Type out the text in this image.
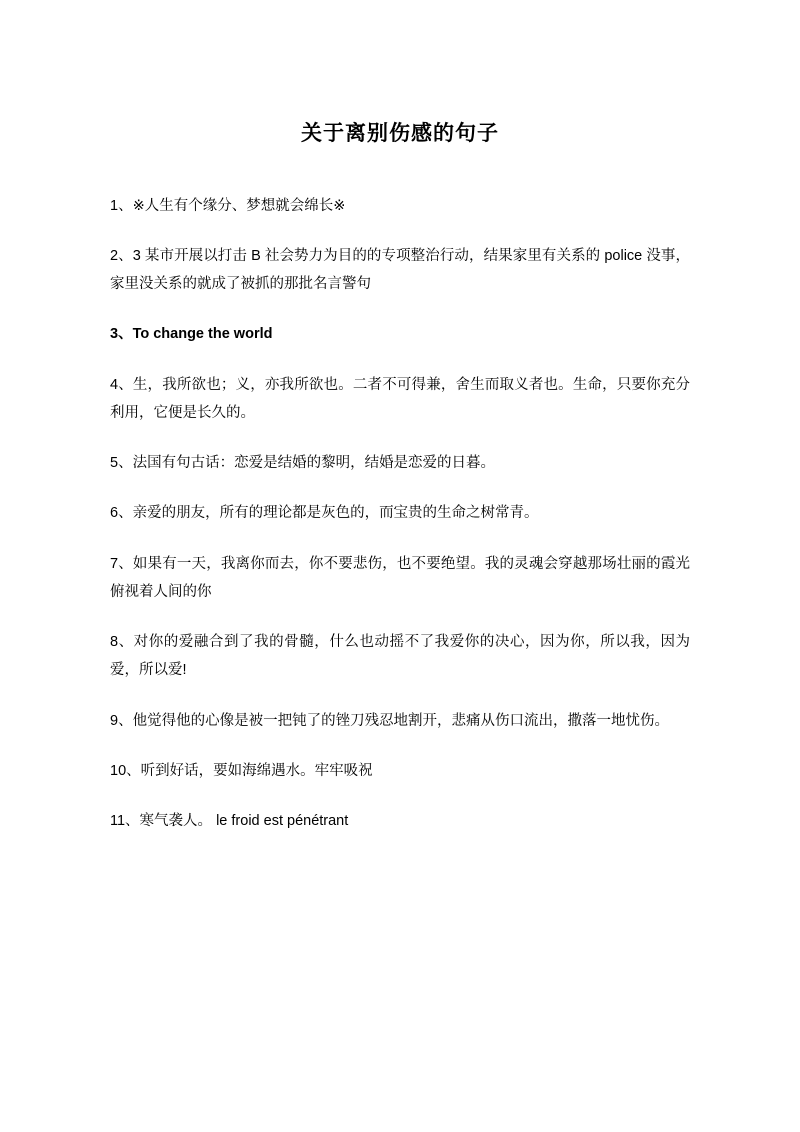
关于离别伤感的句子

1、※人生有个缘分、梦想就会绵长※

2、3 某市开展以打击 B 社会势力为目的的专项整治行动，结果家里有关系的 police 没事，家里没关系的就成了被抓的那批名言警句

3、To change the world

4、生，我所欲也；义，亦我所欲也。二者不可得兼，舍生而取义者也。生命，只要你充分利用，它便是长久的。

5、法国有句古话：恋爱是结婚的黎明，结婚是恋爱的日暮。

6、亲爱的朋友，所有的理论都是灰色的，而宝贵的生命之树常青。

7、如果有一天，我离你而去，你不要悲伤，也不要绝望。我的灵魂会穿越那场壮丽的霞光俯视着人间的你

8、对你的爱融合到了我的骨髓，什么也动摇不了我爱你的决心，因为你，所以我，因为爱，所以爱!

9、他觉得他的心像是被一把钝了的锉刀残忍地割开，悲痛从伤口流出，撒落一地忧伤。

10、听到好话，要如海绵遇水。牢牢吸祝

11、寒气袭人。 le froid est pénétrant
